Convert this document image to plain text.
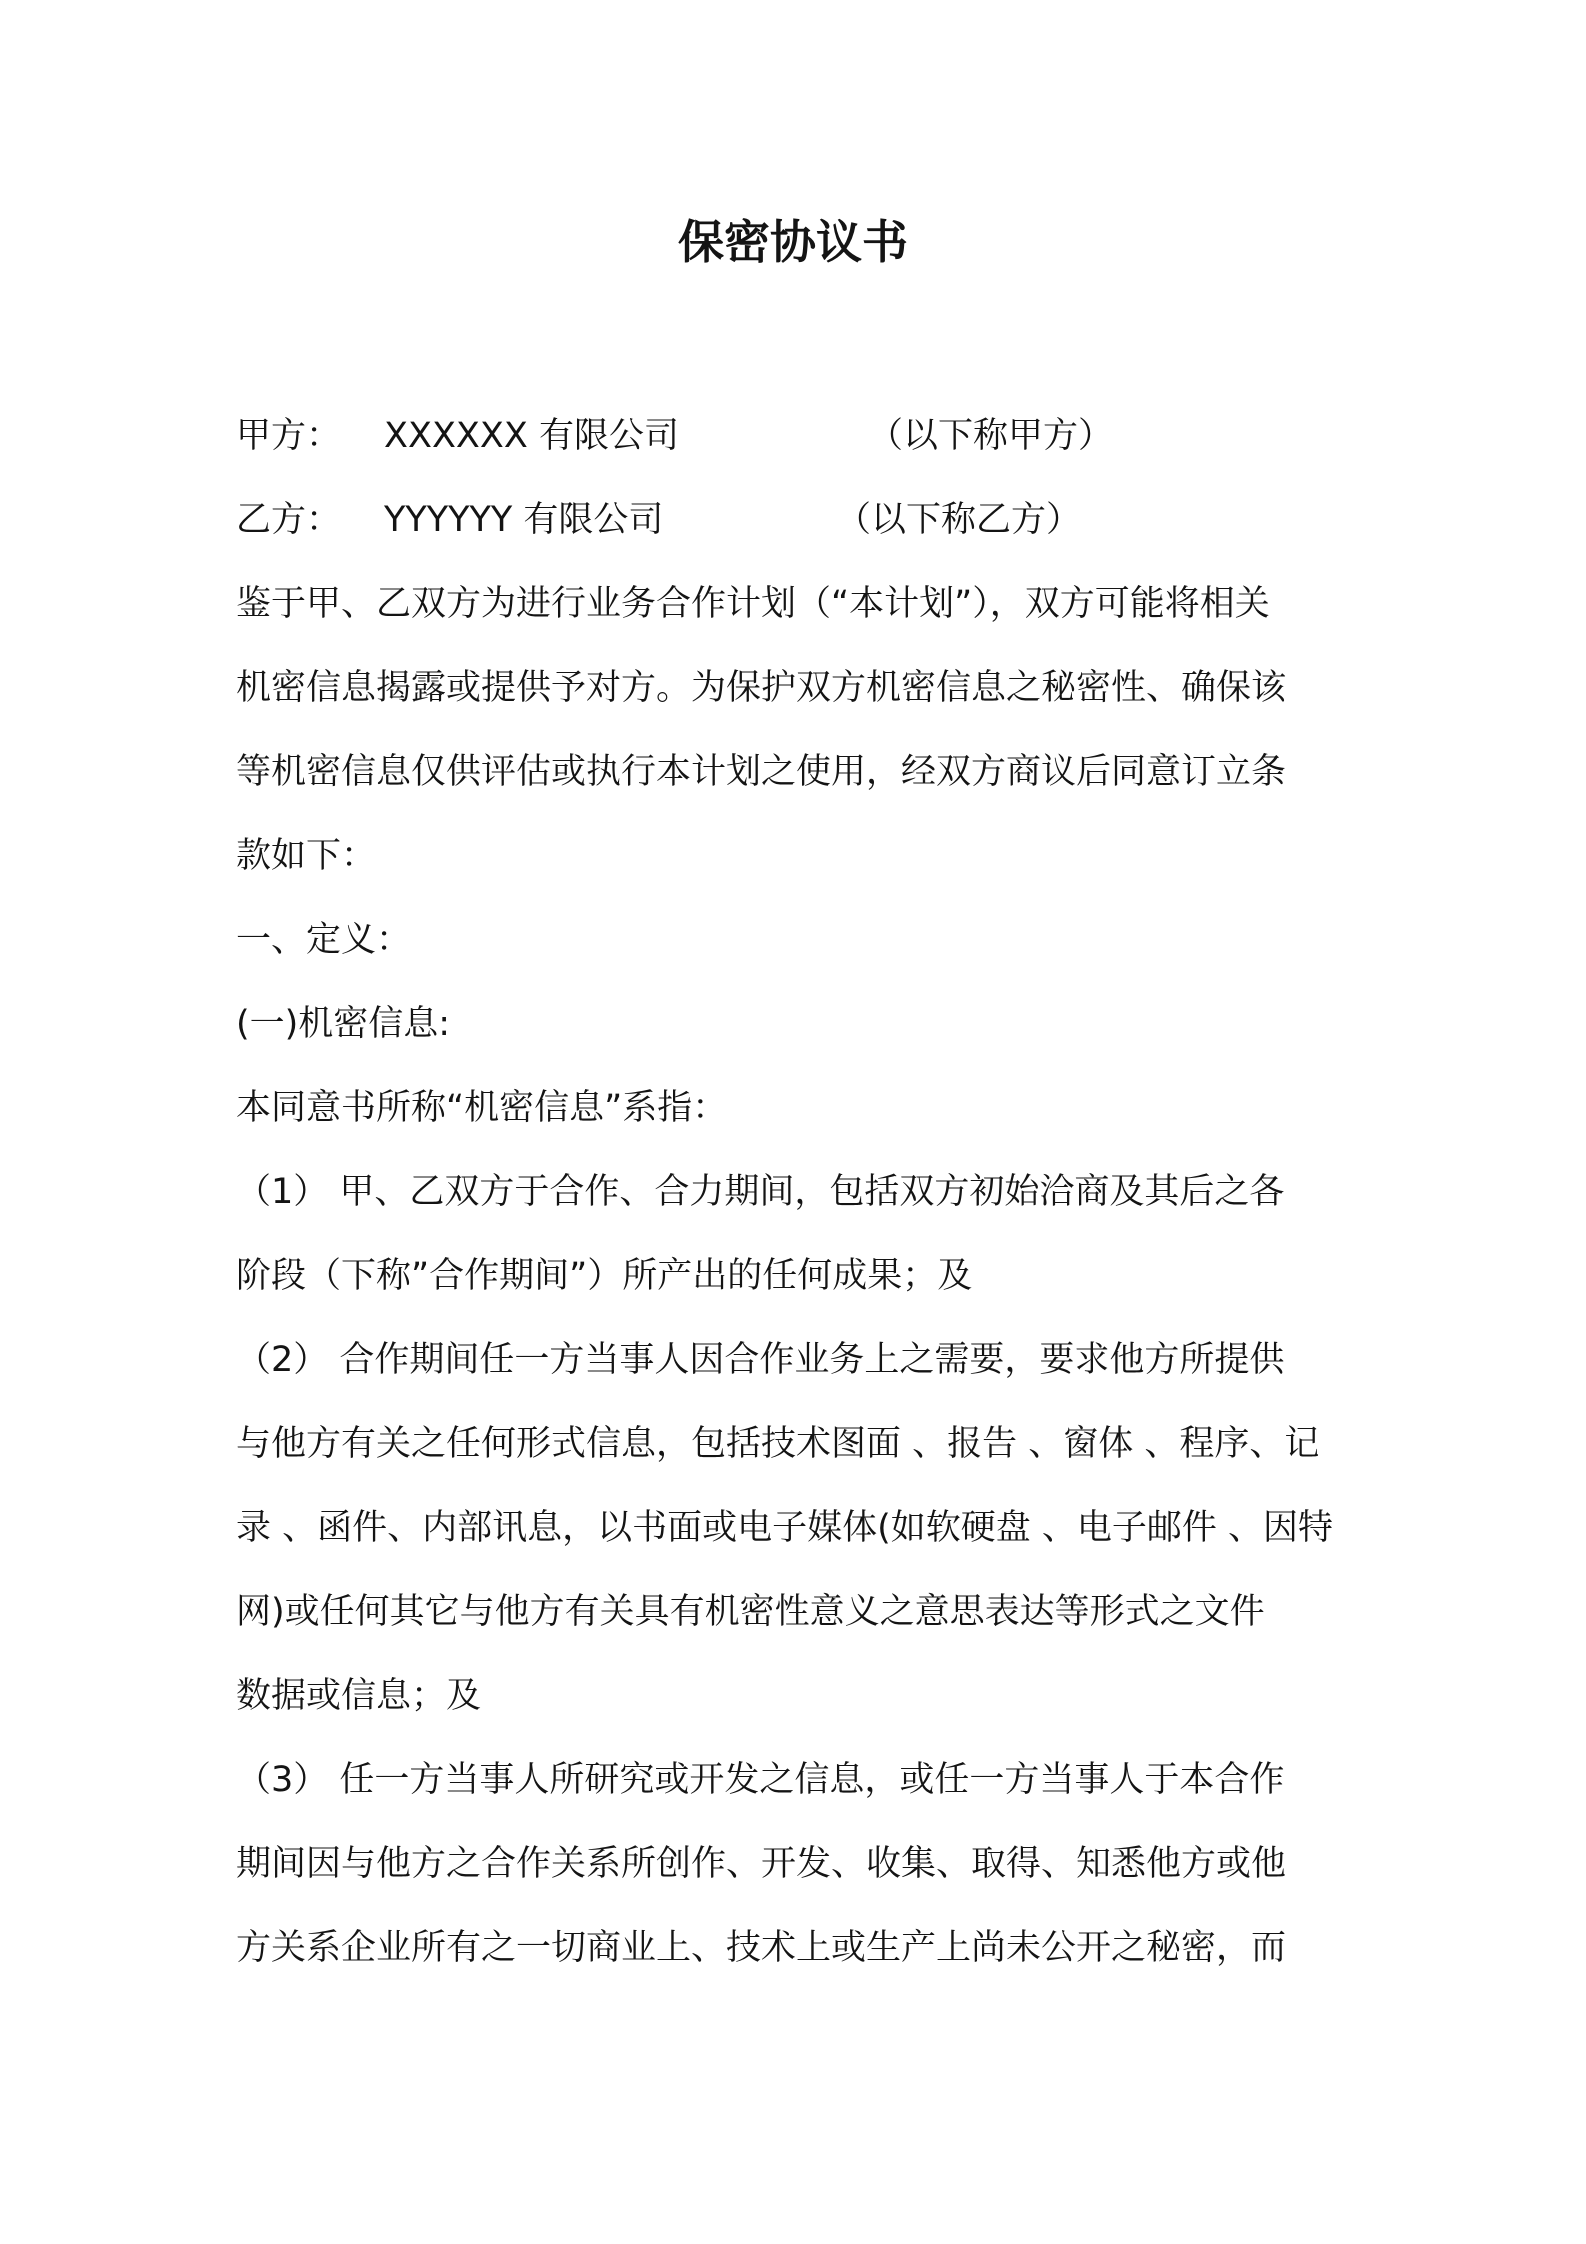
保密协议书
甲方： XXXXXX 有限公司	（以下称甲方）
乙方： YYYYYY 有限公司	（以下称乙方）
鉴于甲、乙双方为进行业务合作计划（“本计划”），双方可能将相关
机密信息揭露或提供予对方。为保护双方机密信息之秘密性、确保该
等机密信息仅供评估或执行本计划之使用，经双方商议后同意订立条
款如下：
一、定义：
(一)机密信息:
本同意书所称“机密信息”系指：
（1） 甲、乙双方于合作、合力期间，包括双方初始洽商及其后之各
阶段（下称”合作期间”）所产出的任何成果；及
（2） 合作期间任一方当事人因合作业务上之需要，要求他方所提供
与他方有关之任何形式信息，包括技术图面 、报告 、窗体 、程序、记
录 、函件、内部讯息，以书面或电子媒体(如软硬盘 、电子邮件 、因特
网)或任何其它与他方有关具有机密性意义之意思表达等形式之文件
数据或信息；及
（3） 任一方当事人所研究或开发之信息，或任一方当事人于本合作
期间因与他方之合作关系所创作、开发、收集、取得、知悉他方或他
方关系企业所有之一切商业上、技术上或生产上尚未公开之秘密，而
